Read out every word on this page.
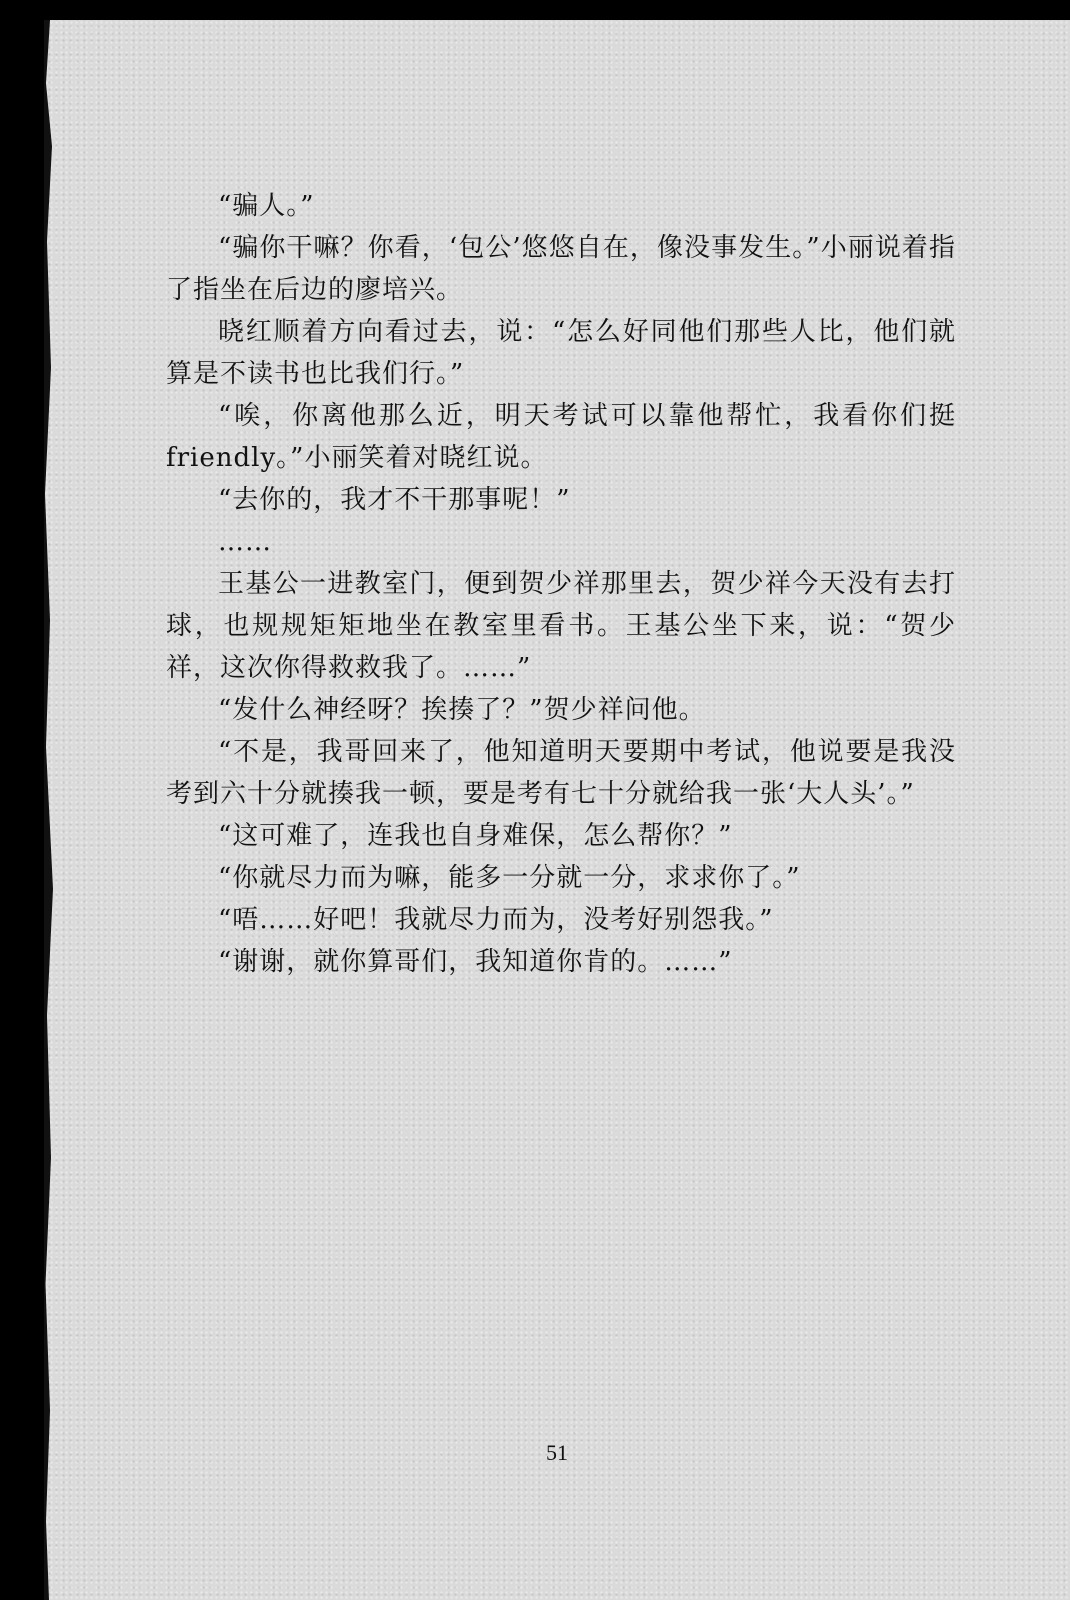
“骗人。”

“骗你干嘛？你看，‘包公’悠悠自在，像没事发生。”小丽说着指了指坐在后边的廖培兴。

晓红顺着方向看过去，说：“怎么好同他们那些人比，他们就算是不读书也比我们行。”

“唉，你离他那么近，明天考试可以靠他帮忙，我看你们挺 friendly。”小丽笑着对晓红说。

“去你的，我才不干那事呢！”

……

王基公一进教室门，便到贺少祥那里去，贺少祥今天没有去打球，也规规矩矩地坐在教室里看书。王基公坐下来，说：“贺少祥，这次你得救救我了。……”

“发什么神经呀？挨揍了？”贺少祥问他。

“不是，我哥回来了，他知道明天要期中考试，他说要是我没考到六十分就揍我一顿，要是考有七十分就给我一张‘大人头’。”

“这可难了，连我也自身难保，怎么帮你？”

“你就尽力而为嘛，能多一分就一分，求求你了。”

“唔……好吧！我就尽力而为，没考好别怨我。”

“谢谢，就你算哥们，我知道你肯的。……”

51
